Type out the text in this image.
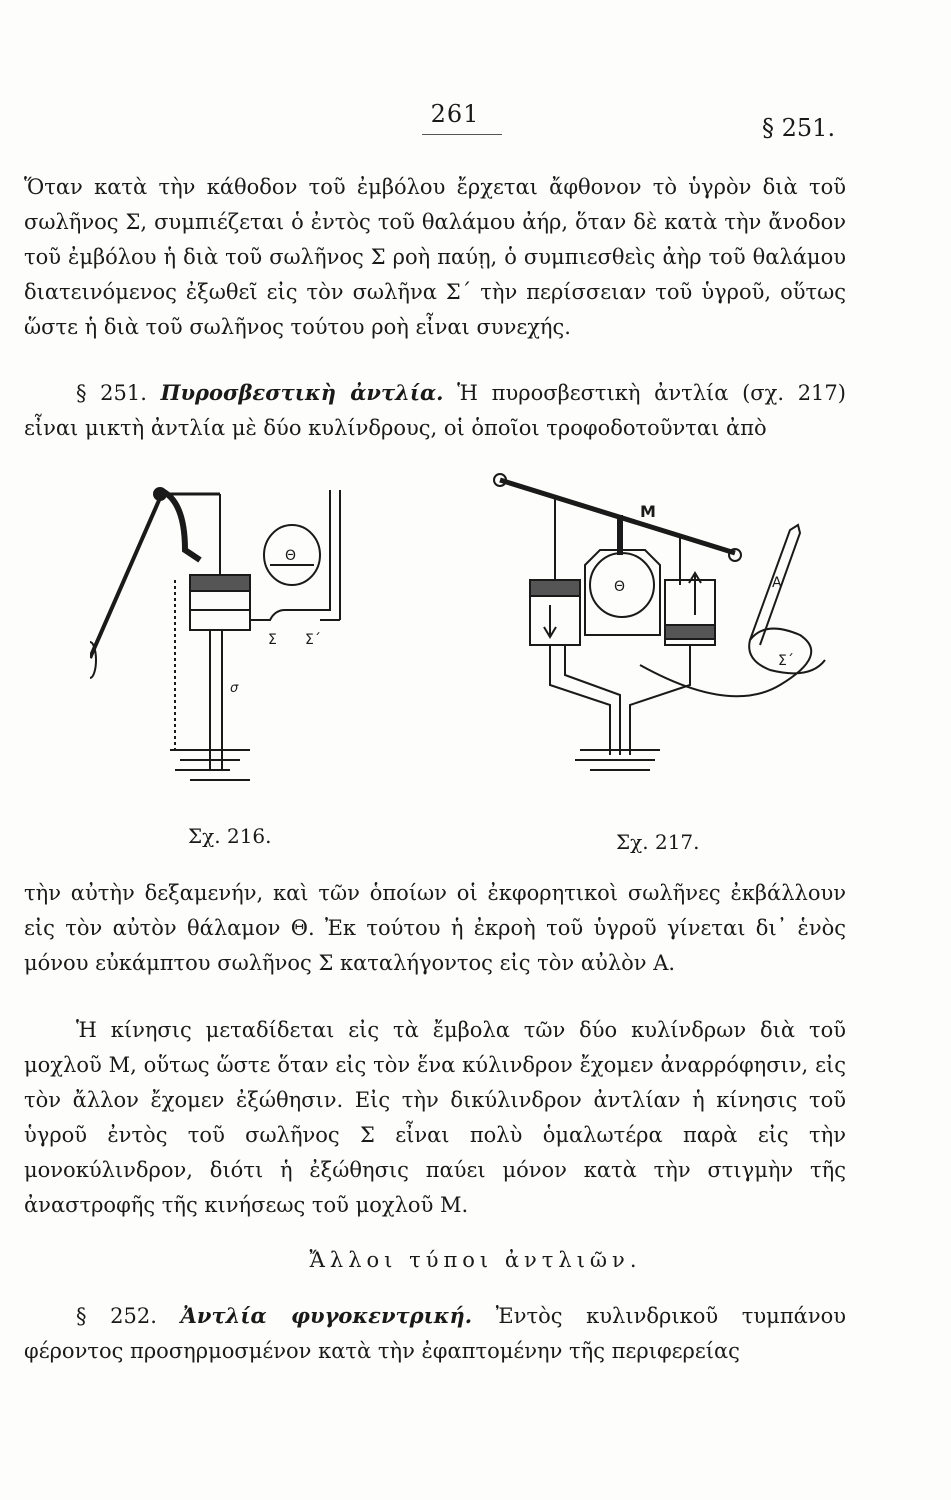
261	§ 251.

Ὅταν κατὰ τὴν κάθοδον τοῦ ἐμβόλου ἔρχεται ἄφθονον τὸ ὑγρὸν διὰ τοῦ σωλῆνος Σ, συμπιέζεται ὁ ἐντὸς τοῦ θαλάμου ἀήρ, ὅταν δὲ κατὰ τὴν ἄνοδον τοῦ ἐμβόλου ἡ διὰ τοῦ σωλῆνος Σ ροὴ παύῃ, ὁ συμπιεσθεὶς ἀὴρ τοῦ θαλάμου διατεινόμενος ἐξωθεῖ εἰς τὸν σωλῆνα Σ΄ τὴν περίσσειαν τοῦ ὑγροῦ, οὕτως ὥστε ἡ διὰ τοῦ σωλῆνος τούτου ροὴ εἶναι συνεχής.

§ 251. Πυροσβεστικὴ ἀντλία. Ἡ πυροσβεστικὴ ἀντλία (σχ. 217) εἶναι μικτὴ ἀντλία μὲ δύο κυλίνδρους, οἱ ὁποῖοι τροφοδοτοῦνται ἀπὸ

Θ
Σ Σ΄
σ
Σχ. 216.
Μ
Θ	Α
Σ΄
Σχ. 217.

τὴν αὐτὴν δεξαμενήν, καὶ τῶν ὁποίων οἱ ἐκφορητικοὶ σωλῆνες ἐκβάλλουν εἰς τὸν αὐτὸν θάλαμον Θ. Ἐκ τούτου ἡ ἐκροὴ τοῦ ὑγροῦ γίνεται δι᾽ ἑνὸς μόνου εὐκάμπτου σωλῆνος Σ καταλήγοντος εἰς τὸν αὐλὸν Α.

Ἡ κίνησις μεταδίδεται εἰς τὰ ἔμβολα τῶν δύο κυλίνδρων διὰ τοῦ μοχλοῦ Μ, οὕτως ὥστε ὅταν εἰς τὸν ἕνα κύλινδρον ἔχομεν ἀναρρόφησιν, εἰς τὸν ἄλλον ἔχομεν ἐξώθησιν. Εἰς τὴν δικύλινδρον ἀντλίαν ἡ κίνησις τοῦ ὑγροῦ ἐντὸς τοῦ σωλῆνος Σ εἶναι πολὺ ὁμαλωτέρα παρὰ εἰς τὴν μονοκύλινδρον, διότι ἡ ἐξώθησις παύει μόνον κατὰ τὴν στιγμὴν τῆς ἀναστροφῆς τῆς κινήσεως τοῦ μοχλοῦ Μ.

Ἄλλοι τύποι ἀντλιῶν.

§ 252. Ἀντλία φυγοκεντρική. Ἐντὸς κυλινδρικοῦ τυμπάνου φέροντος προσηρμοσμένον κατὰ τὴν ἐφαπτομένην τῆς περιφερείας
